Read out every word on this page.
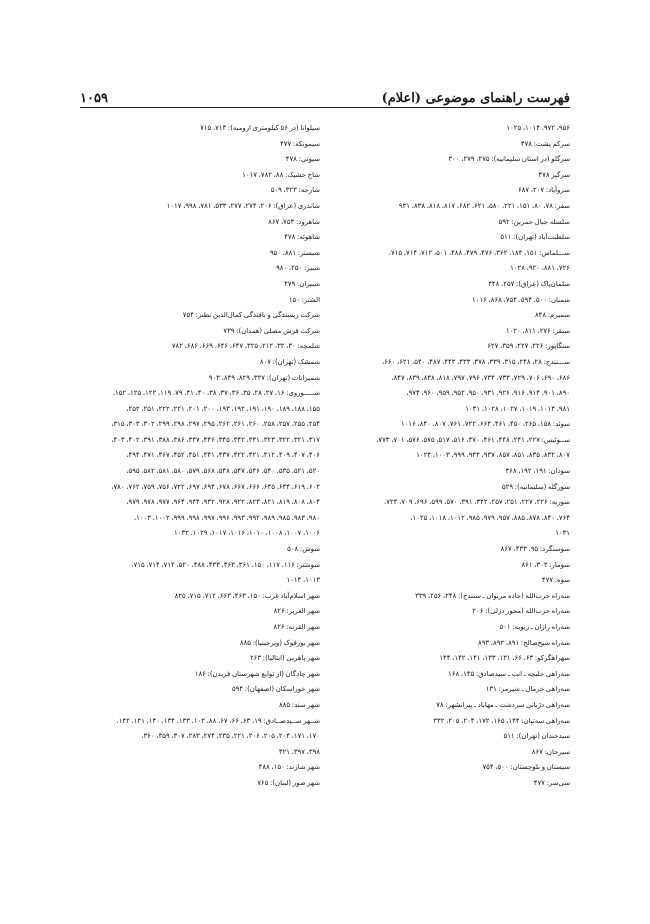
فهرست راهنمای موضوعی (اعلام)
۱۰۵۹
۹۵۶، ۹۷۲، ۱۰۱۴، ۱۰۲۵
سرکم پشت: ۴۷۸
سرگلو (در استان سلیمانیه): ۲۷۵، ۲۷۹، ۳۰۰
سرگیز ۴۷۸
سروآباد: ۲۰۷، ۶۸۷
سقز: ۷۸، ۸۰، ۱۵۱، ۲۲۱، ۵۸۰، ۶۲۱، ۶۸۲، ۸۱۷، ۸۱۸، ۸۳۸، ۹۳۱
سلسله جبال حمرین: ۵۹۲
سلطنت‌آباد (تهران): ۵۱۱
ســـلماس: ۱۵۱، ۱۸۴، ۳۶۲، ۴۷۶، ۴۷۹، ۴۸۸، ۵۰۱، ۷۱۲، ۷۱۴، ۷۱۵،
۷۲۶، ۸۸۱، ۹۲۰، ۱۰۲۸
سلمان‌پاک (عراق): ۲۵۷، ۴۴۸
سمنان: ۵۰۰، ۵۹۴، ۷۵۴، ۸۶۸، ۱۰۱۶
سمیرم: ۸۴۸
سنقر: ۲۷۶، ۸۱۱، ۱۰۲۰
سنگاپور: ۲۲۶، ۲۲۷، ۳۵۹، ۶۲۷
ســـنندج: ۲۸، ۲۴۸، ۳۱۵، ۳۳۹، ۳۷۸، ۴۳۳، ۴۴۳، ۴۸۷، ۵۴۰، ۶۲۱، ۶۶۰،
۶۸۶، ۶۹۰، ۷۰۶، ۷۲۹، ۷۳۳، ۷۳۴، ۷۹۶، ۷۹۷، ۸۱۸، ۸۳۸، ۸۳۹، ۸۴۷،
۸۹۰، ۹۰۱، ۹۱۴، ۹۱۶، ۹۲۶، ۹۳۱، ۹۵۰، ۹۵۲، ۹۵۹، ۹۶۰، ۹۷۴،
۹۸۱، ۱۰۱۴، ۱۰۱۹، ۱۰۲۷، ۱۰۲۸، ۱۰۳۱
سوئد: ۱۵۸، ۲۶۵، ۴۵۰، ۴۶۱، ۶۶۴، ۷۲۲، ۷۶۱، ۸۰۷، ۸۴۰، ۱۰۱۶
ســوئیس: ۲۲۷، ۲۴۱، ۴۴۸، ۴۶۱، ۴۷۰، ۵۱۶، ۵۱۷، ۵۷۵، ۵۷۶، ۷۰۱، ۷۷۳،
۸۰۷، ۸۳۲، ۸۳۵، ۸۵۱، ۸۵۷، ۹۳۷، ۹۴۴، ۹۹۹، ۱۰۰۳، ۱۰۲۴
سودان: ۱۹۱، ۱۹۲، ۴۶۸
سورگله (سلیمانیه): ۵۲۹
سوریه: ۲۲۶، ۲۲۷، ۲۵۱، ۲۵۷، ۳۴۲، ۳۹۱، ۵۷۰، ۵۹۹، ۶۹۶، ۷۰۹، ۷۲۴،
۷۶۴، ۸۴۰، ۸۷۸، ۸۸۵، ۹۵۷، ۹۷۹، ۹۸۵، ۱۰۱۲، ۱۰۱۸، ۱۰۲۵،
۱۰۳۱
سوسنگرد: ۹۵، ۴۳۳، ۸۶۷
سومار: ۳۰۳، ۸۶۱
سوه: ۴۷۷
سه‌راه حزب‌الله (جاده مریوان ـ سنندج): ۲۴۸، ۲۵۶، ۳۳۹
سه‌راه حزب‌الله (محور دزلی): ۲۰۶
سه‌راه رازان ـ زیویه: ۵۰۱
سه‌راه شیخ‌صالح: ۸۹۱، ۸۹۲، ۸۹۳
سهراهگرکو: ۶۳، ۶۶، ۱۳۱، ۱۳۳، ۱۴۱، ۱۴۲، ۱۴۴
سه‌راهی حلبچه ـ انب ـ سیدصادق: ۱۴۵، ۱۶۸
سه‌راهی خرمال ـ شیرمز: ۱۳۱
سه‌راهی دژبانی سردشت ـ مهاباد ـ پیرانشهر: ۷۸
سه‌راهی سه‌تپان: ۱۴۴، ۱۶۵، ۱۷۲، ۲۰۴، ۲۰۵، ۳۳۲
سیدخندان (تهران): ۵۱۱
سیرجان: ۸۶۷
سیستان و بلوچستان: ۵۰۰، ۷۵۴
سی‌سر: ۴۷۷
سیلوانا (در ۵۶ کیلومتری ارومیه): ۷۱۴، ۷۱۵
سیمونکه: ۴۷۷
سیونی: ۴۷۸
شاخ خشیک: ۸۸، ۷۸۲، ۱۰۱۷
شارجه: ۳۲۳، ۵۰۹
شاندری (عراق): ۲۰۶، ۲۷۴، ۲۷۷، ۵۳۳، ۷۸۱، ۹۹۸، ۱۰۱۷
شاهرود: ۷۵۴، ۸۶۷
شاهوئه: ۴۷۸
شبستر: ۸۸۱، ۹۵۰
شبیر: ۲۵۰، ۹۸۰
شبیران: ۴۷۹
الشتر: ۱۵۰
شرکت ریسندگی و بافندگی کمال‌الدین نطنز: ۷۵۴
شرکت فرش مصلی (همدان): ۷۳۹
شلمچه: ۳۰، ۳۲، ۲۱۲، ۳۲۵، ۶۴۷، ۶۴۶، ۶۶۹، ۶۸۶، ۷۸۲
شمشک (تهران): ۸۰۷
شمیرانات (تهران): ۳۲۷، ۸۲۹، ۸۴۹، ۹۰۳
شـــــوروی: ۱۶، ۲۷، ۲۸، ۳۵، ۳۶، ۳۷، ۳۸، ۴۰، ۴۱، ۷۹، ۱۱۹، ۱۲۲، ۱۲۵، ۱۵۲،
۱۵۵، ۱۸۸، ۱۸۹، ۱۹۰، ۱۹۱، ۱۹۲، ۱۹۳، ۲۰۰، ۲۰۱، ۲۲۱، ۲۲۲، ۲۵۱، ۲۵۲،
۲۵۴، ۲۵۵، ۲۵۷، ۲۵۸، ۲۶۰، ۲۶۱، ۲۶۲، ۲۹۵، ۲۹۷، ۲۹۸، ۲۹۹، ۳۰۲، ۳۰۳، ۳۱۵،
۳۱۷، ۳۲۱، ۳۲۲، ۳۲۳، ۳۴۱، ۳۴۲، ۳۴۵، ۳۴۶، ۳۴۷، ۳۸۶، ۳۸۸، ۳۹۱، ۴۰۲، ۴۰۳،
۴۰۶، ۴۰۷، ۴۰۹، ۴۱۲، ۴۲۱، ۴۲۲، ۴۳۷، ۴۴۱، ۴۵۱، ۴۵۲، ۴۶۷، ۴۷۱، ۴۹۴،
۵۲۰، ۵۲۱، ۵۳۵، ۵۴۰، ۵۴۶، ۵۴۷، ۵۴۸، ۵۶۸، ۵۷۹، ۵۸۰، ۵۸۱، ۵۸۲، ۵۹۵،
۶۰۲، ۶۱۹، ۶۳۴، ۶۴۵، ۶۶۶، ۶۶۷، ۶۷۸، ۶۹۴، ۶۹۷، ۷۲۲، ۷۵۶، ۷۵۹، ۷۶۲، ۷۸۰،
۸۰۴، ۸۰۸، ۸۱۹، ۸۲۱، ۸۲۳، ۹۲۲، ۹۲۸، ۹۳۲، ۹۴۴، ۹۶۴، ۹۷۷، ۹۷۸، ۹۷۹،
۹۸۰، ۹۸۳، ۹۸۵، ۹۸۹، ۹۹۲، ۹۹۳، ۹۹۶، ۹۹۷، ۹۹۸، ۹۹۹، ۱۰۰۲، ۱۰۰۳،
۱۰۰۶، ۱۰۰۷، ۱۰۰۸، ۱۰۱۰، ۱۰۱۶، ۱۰۱۷، ۱۰۲۹، ۱۰۳۲
شوش: ۵۰۸
شوشتر: ۱۱۶، ۱۱۷، ۱۵۰، ۳۶۱، ۳۶۳، ۴۳۳، ۴۸۸، ۵۲۰، ۷۱۲، ۷۱۴، ۷۱۵،
۱۰۱۳، ۱۰۱۴
شهر اسلام‌آباد غرب: ۱۵۰، ۴۶۳، ۶۶۳، ۷۱۲، ۷۱۵، ۸۲۵
شهر الغریز: ۸۲۶
شهر القرنه: ۸۲۶
شهر بورفوک (ویرجینیا): ۸۸۵
شهر پاهریی (ایتالیا): ۲۶۳
شهر چادگان (از توابع شهرستان فریدن): ۱۸۶
شهر خوراسکان (اصفهان): ۵۹۴
شهر سند: ۸۸۵
شــهر ســیدصــادق: ۱۹، ۶۳، ۶۶، ۶۷، ۸۸، ۱۰۲، ۱۳۳، ۱۳۴، ۱۴۰، ۱۴۱، ۱۴۲،
۱۷۰، ۱۷۱، ۲۰۴، ۲۰۵، ۲۰۶، ۲۲۱، ۲۳۵، ۲۷۴، ۲۸۳، ۳۰۷، ۳۵۹، ۳۶۰،
۳۹۸، ۳۹۷، ۴۲۱
شهر شازند: ۱۵۰، ۴۸۸
شهر صور (لبنان): ۷۶۵
